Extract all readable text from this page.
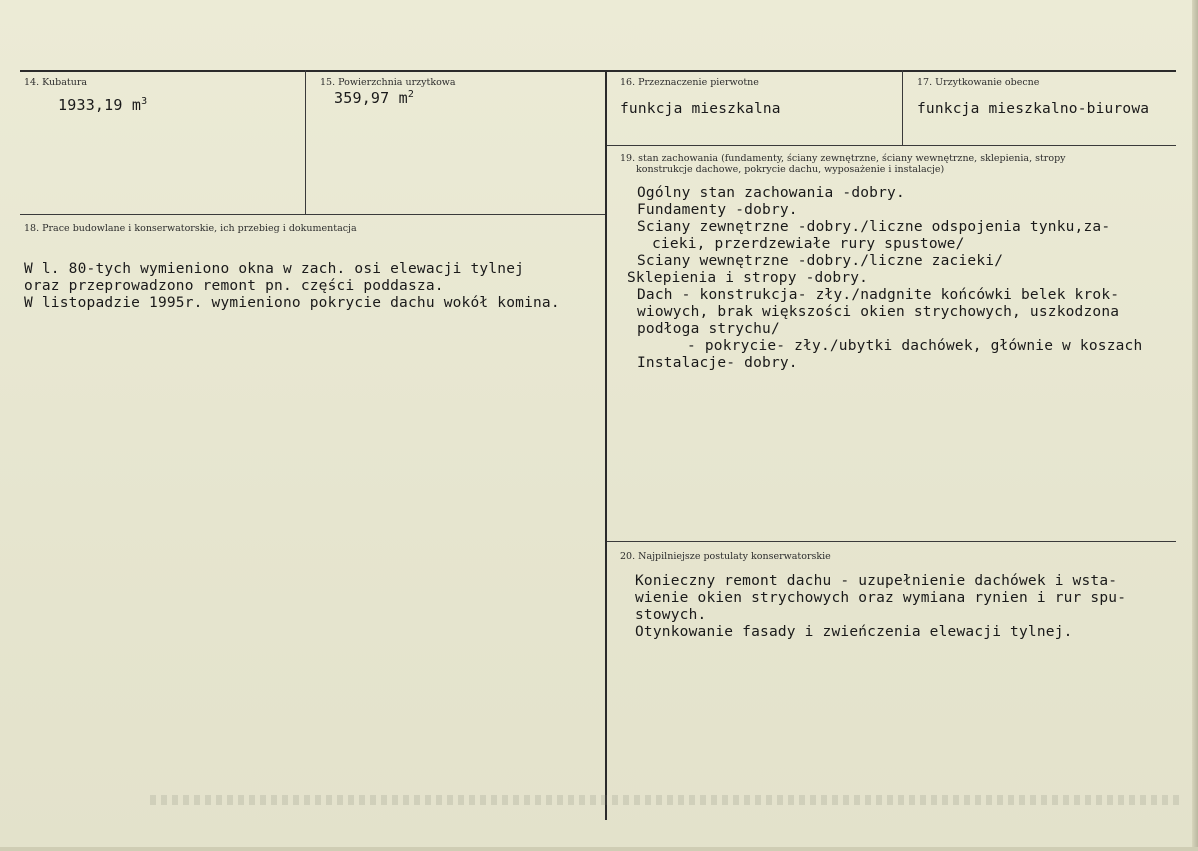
14. Kubatura
1933,19 $m^3$
15. Powierzchnia urzytkowa
359,97 $m^2$
16. Przeznaczenie pierwotne
funkcja mieszkalna
17. Urzytkowanie obecne
funkcja mieszkalno-biurowa
18. Prace budowlane i konserwatorskie, ich przebieg i dokumentacja
W l. 80-tych wymieniono okna w zach. osi elewacji tylnej
oraz przeprowadzono remont pn. części poddasza.
W listopadzie 1995r. wymieniono pokrycie dachu wokół komina.
19. stan zachowania (fundamenty, ściany zewnętrzne, ściany wewnętrzne, sklepienia, stropy
konstrukcje dachowe, pokrycie dachu, wyposażenie i instalacje)
Ogólny stan zachowania -dobry.
Fundamenty -dobry.
Sciany zewnętrzne -dobry./liczne odspojenia tynku,za-
cieki, przerdzewiałe rury spustowe/
Sciany wewnętrzne -dobry./liczne zacieki/
Sklepienia i stropy -dobry.
Dach - konstrukcja- zły./nadgnite końcówki belek krok-
wiowych, brak większości okien strychowych, uszkodzona
podłoga strychu/
- pokrycie- zły./ubytki dachówek, głównie w koszach
Instalacje- dobry.
20. Najpilniejsze postulaty konserwatorskie
Konieczny remont dachu - uzupełnienie dachówek i wsta-
wienie okien strychowych oraz wymiana rynien i rur spu-
stowych.
Otynkowanie fasady i zwieńczenia elewacji tylnej.
